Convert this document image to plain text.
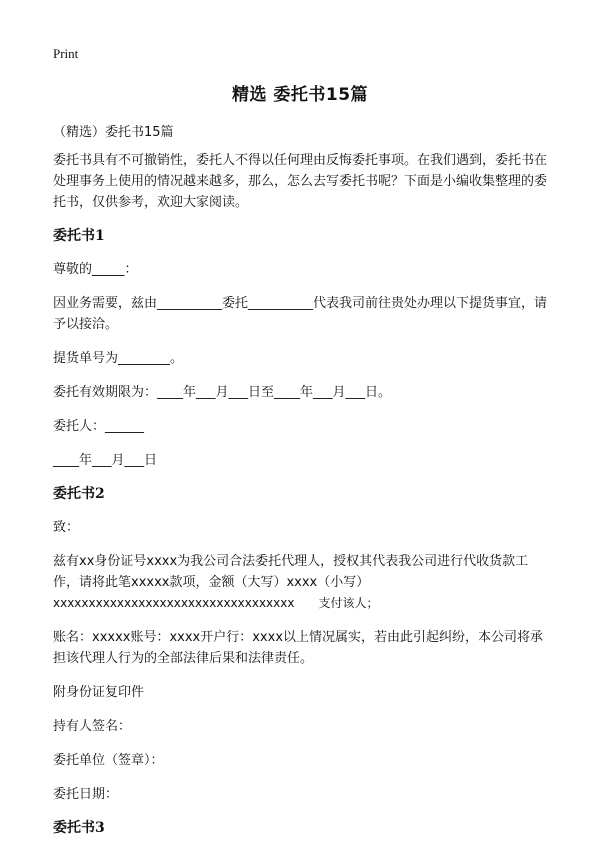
Print
精选 委托书15篇
（精选）委托书15篇

委托书具有不可撤销性，委托人不得以任何理由反悔委托事项。在我们遇到，委托书在处理事务上使用的情况越来越多，那么，怎么去写委托书呢？下面是小编收集整理的委托书，仅供参考，欢迎大家阅读。

委托书1

尊敬的_____：

因业务需要，兹由__________委托__________代表我司前往贵处办理以下提货事宜，请予以接洽。

提货单号为________。

委托有效期限为：____年___月___日至____年___月___日。

委托人：______

____年___月___日

委托书2

致：

兹有xx身份证号xxxx为我公司合法委托代理人，授权其代表我公司进行代收货款工作，请将此笔xxxxx款项，金额（大写）xxxx（小写）

xxxxxxxxxxxxxxxxxxxxxxxxxxxxxxxxxx　　支付该人；

账名：xxxxx账号：xxxx开户行：xxxx以上情况属实，若由此引起纠纷，本公司将承担该代理人行为的全部法律后果和法律责任。

附身份证复印件

持有人签名：

委托单位（签章）：

委托日期：

委托书3
